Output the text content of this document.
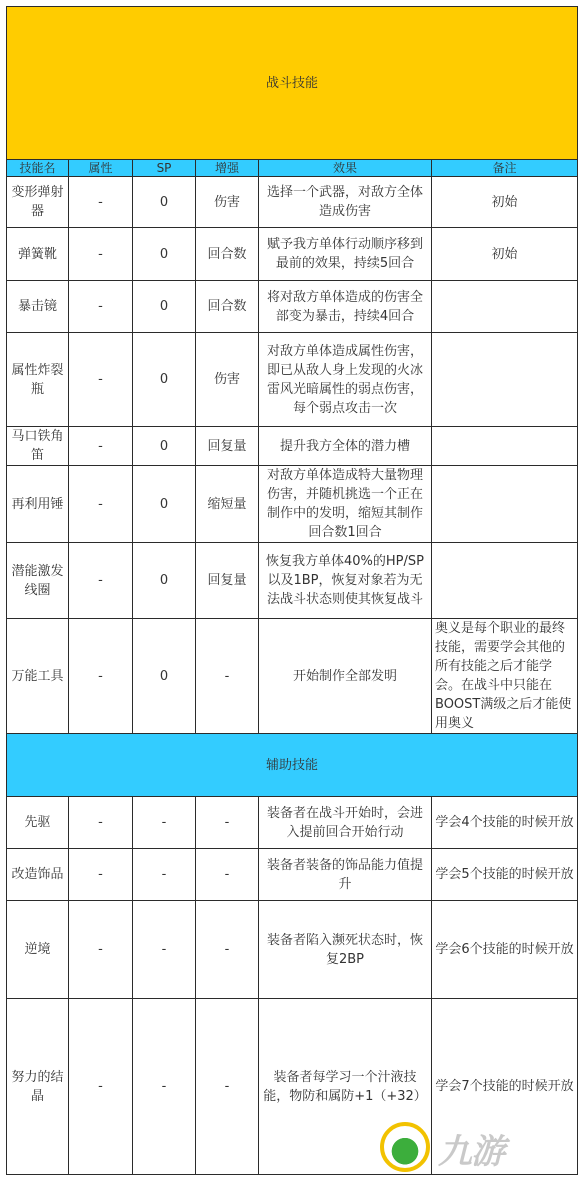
战斗技能					
技能名	属性	SP	增强	效果	备注
变形弹射器	-	0	伤害	选择一个武器，对敌方全体造成伤害	初始
弹簧靴	-	0	回合数	赋予我方单体行动顺序移到最前的效果，持续5回合	初始
暴击镜	-	0	回合数	将对敌方单体造成的伤害全部变为暴击，持续4回合	
属性炸裂瓶	-	0	伤害	对敌方单体造成属性伤害，即已从敌人身上发现的火冰雷风光暗属性的弱点伤害，每个弱点攻击一次	
马口铁角笛	-	0	回复量	提升我方全体的潜力槽	
再利用锤	-	0	缩短量	对敌方单体造成特大量物理伤害，并随机挑选一个正在制作中的发明，缩短其制作回合数1回合	
潜能激发线圈	-	0	回复量	恢复我方单体40%的HP/SP以及1BP，恢复对象若为无法战斗状态则使其恢复战斗	
万能工具	-	0	-	开始制作全部发明	奥义是每个职业的最终技能，需要学会其他的所有技能之后才能学会。在战斗中只能在BOOST满级之后才能使用奥义
辅助技能					
先驱	-	-	-	装备者在战斗开始时，会进入提前回合开始行动	学会4个技能的时候开放
改造饰品	-	-	-	装备者装备的饰品能力值提升	学会5个技能的时候开放
逆境	-	-	-	装备者陷入濒死状态时，恢复2BP	学会6个技能的时候开放
努力的结晶	-	-	-	装备者每学习一个汁液技能，物防和属防+1（+32）	学会7个技能的时候开放
九游
